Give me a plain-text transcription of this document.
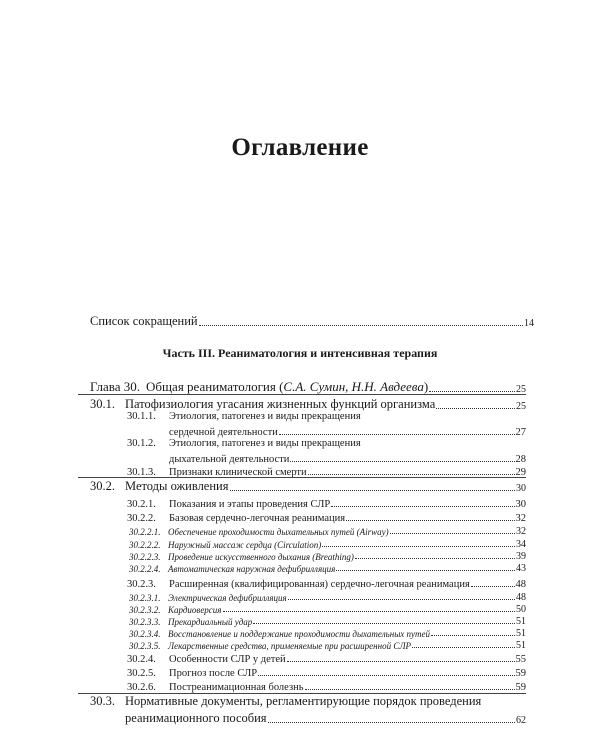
Оглавление
Список сокращений	14
Часть III. Реаниматология и интенсивная терапия
Глава 30. Общая реаниматология ( С.А. Сумин, Н.Н. Авдеева )	25
30.1. Патофизиология угасания жизненных функций организма	25
30.1.1.	Этиология, патогенез и виды прекращения
сердечной деятельности	27
30.1.2.	Этиология, патогенез и виды прекращения
дыхательной деятельности	28
30.1.3.	Признаки клинической смерти	29
30.2. Методы оживления	30
30.2.1.	Показания и этапы проведения СЛР	30
30.2.2.	Базовая сердечно-легочная реанимация	32
30.2.2.1. Обеспечение проходимости дыхательных путей (Airway)	32
30.2.2.2. Наружный массаж сердца (Circulation)	34
30.2.2.3. Проведение искусственного дыхания (Breathing)	39
30.2.2.4. Автоматическая наружная дефибрилляция	43
30.2.3.	Расширенная (квалифицированная) сердечно-легочная реанимация	48
30.2.3.1. Электрическая дефибрилляция	48
30.2.3.2. Кардиоверсия	50
30.2.3.3. Прекардиальный удар	51
30.2.3.4. Восстановление и поддержание проходимости дыхательных путей	51
30.2.3.5. Лекарственные средства, применяемые при расширенной СЛР	51
30.2.4.	Особенности СЛР у детей	55
30.2.5.	Прогноз после СЛР	59
30.2.6.	Постреанимационная болезнь	59
30.3. Нормативные документы, регламентирующие порядок проведения
реанимационного пособия	62
